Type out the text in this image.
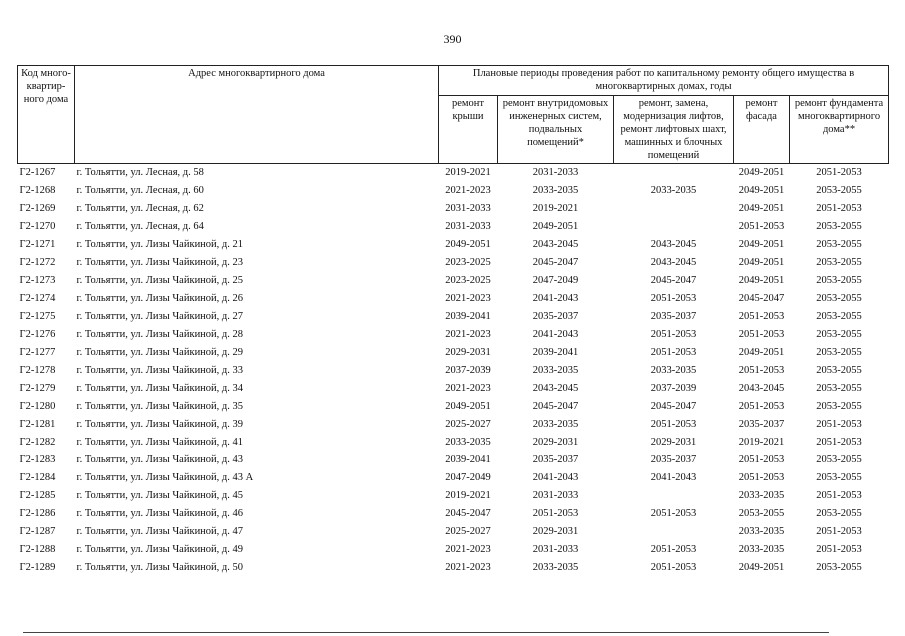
390
Код много-квартир-ного дома	Адрес многоквартирного дома	Плановые периоды проведения работ по капитальному ремонту общего имущества в многоквартирных домах, годы				
		ремонт крыши	ремонт внутридомовых инженерных систем, подвальных помещений*	ремонт, замена, модернизация лифтов, ремонт лифтовых шахт, машинных и блочных помещений	ремонт фасада	ремонт фундамента многоквартирного дома**
Г2-1267	г. Тольятти, ул. Лесная, д. 58	2019-2021	2031-2033		2049-2051	2051-2053
Г2-1268	г. Тольятти, ул. Лесная, д. 60	2021-2023	2033-2035	2033-2035	2049-2051	2053-2055
Г2-1269	г. Тольятти, ул. Лесная, д. 62	2031-2033	2019-2021		2049-2051	2051-2053
Г2-1270	г. Тольятти, ул. Лесная, д. 64	2031-2033	2049-2051		2051-2053	2053-2055
Г2-1271	г. Тольятти, ул. Лизы Чайкиной, д. 21	2049-2051	2043-2045	2043-2045	2049-2051	2053-2055
Г2-1272	г. Тольятти, ул. Лизы Чайкиной, д. 23	2023-2025	2045-2047	2043-2045	2049-2051	2053-2055
Г2-1273	г. Тольятти, ул. Лизы Чайкиной, д. 25	2023-2025	2047-2049	2045-2047	2049-2051	2053-2055
Г2-1274	г. Тольятти, ул. Лизы Чайкиной, д. 26	2021-2023	2041-2043	2051-2053	2045-2047	2053-2055
Г2-1275	г. Тольятти, ул. Лизы Чайкиной, д. 27	2039-2041	2035-2037	2035-2037	2051-2053	2053-2055
Г2-1276	г. Тольятти, ул. Лизы Чайкиной, д. 28	2021-2023	2041-2043	2051-2053	2051-2053	2053-2055
Г2-1277	г. Тольятти, ул. Лизы Чайкиной, д. 29	2029-2031	2039-2041	2051-2053	2049-2051	2053-2055
Г2-1278	г. Тольятти, ул. Лизы Чайкиной, д. 33	2037-2039	2033-2035	2033-2035	2051-2053	2053-2055
Г2-1279	г. Тольятти, ул. Лизы Чайкиной, д. 34	2021-2023	2043-2045	2037-2039	2043-2045	2053-2055
Г2-1280	г. Тольятти, ул. Лизы Чайкиной, д. 35	2049-2051	2045-2047	2045-2047	2051-2053	2053-2055
Г2-1281	г. Тольятти, ул. Лизы Чайкиной, д. 39	2025-2027	2033-2035	2051-2053	2035-2037	2051-2053
Г2-1282	г. Тольятти, ул. Лизы Чайкиной, д. 41	2033-2035	2029-2031	2029-2031	2019-2021	2051-2053
Г2-1283	г. Тольятти, ул. Лизы Чайкиной, д. 43	2039-2041	2035-2037	2035-2037	2051-2053	2053-2055
Г2-1284	г. Тольятти, ул. Лизы Чайкиной, д. 43 А	2047-2049	2041-2043	2041-2043	2051-2053	2053-2055
Г2-1285	г. Тольятти, ул. Лизы Чайкиной, д. 45	2019-2021	2031-2033		2033-2035	2051-2053
Г2-1286	г. Тольятти, ул. Лизы Чайкиной, д. 46	2045-2047	2051-2053	2051-2053	2053-2055	2053-2055
Г2-1287	г. Тольятти, ул. Лизы Чайкиной, д. 47	2025-2027	2029-2031		2033-2035	2051-2053
Г2-1288	г. Тольятти, ул. Лизы Чайкиной, д. 49	2021-2023	2031-2033	2051-2053	2033-2035	2051-2053
Г2-1289	г. Тольятти, ул. Лизы Чайкиной, д. 50	2021-2023	2033-2035	2051-2053	2049-2051	2053-2055
